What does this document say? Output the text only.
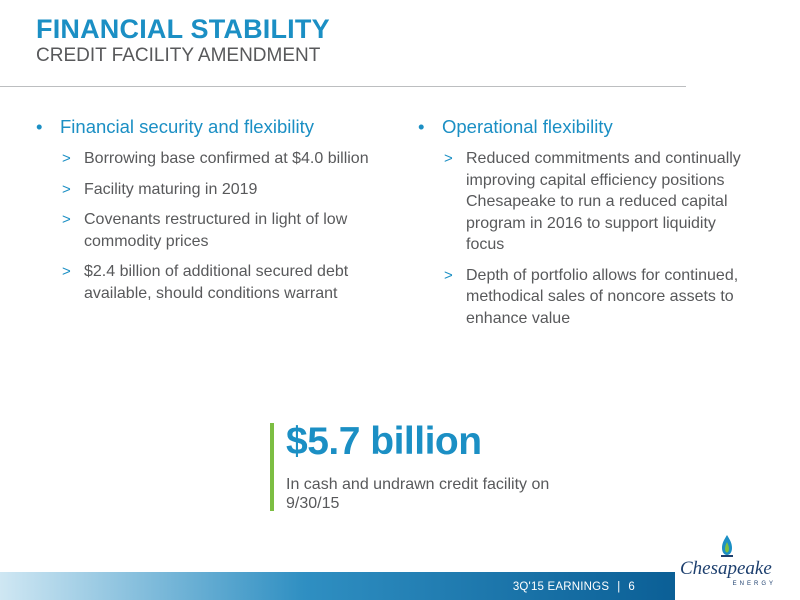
FINANCIAL STABILITY
CREDIT FACILITY AMENDMENT
• Financial security and flexibility
> Borrowing base confirmed at $4.0 billion
> Facility maturing in 2019
> Covenants restructured in light of low commodity prices
> $2.4 billion of additional secured debt available, should conditions warrant
• Operational flexibility
> Reduced commitments and continually improving capital efficiency positions Chesapeake to run a reduced capital program in 2016 to support liquidity focus
> Depth of portfolio allows for continued, methodical sales of noncore assets to enhance value
$5.7 billion
In cash and undrawn credit facility on 9/30/15
3Q'15 EARNINGS | 6
Chesapeake
ENERGY
